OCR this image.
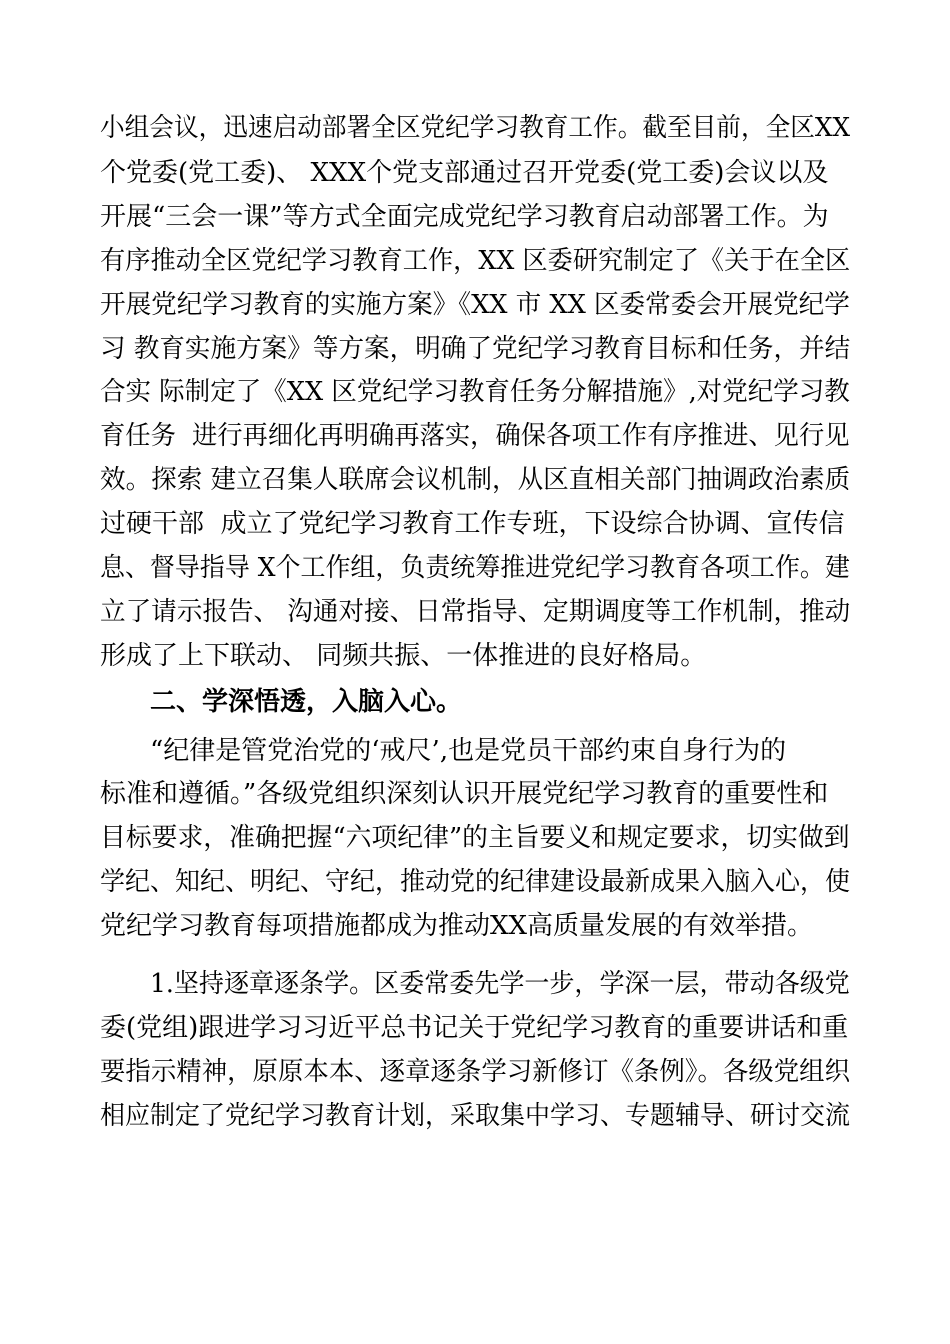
小组会议，迅速启动部署全区党纪学习教育工作。截至目前，全区XX
个党委(党工委)、 XXX个党支部通过召开党委(党工委)会议以及
开展“三会一课”等方式全面完成党纪学习教育启动部署工作。为
有序推动全区党纪学习教育工作，XX 区委研究制定了《关于在全区
开展党纪学习教育的实施方案》《XX 市 XX 区委常委会开展党纪学
习 教育实施方案》等方案，明确了党纪学习教育目标和任务，并结
合实 际制定了《XX 区党纪学习教育任务分解措施》,对党纪学习教
育任务  进行再细化再明确再落实，确保各项工作有序推进、见行见
效。探索 建立召集人联席会议机制，从区直相关部门抽调政治素质
过硬干部  成立了党纪学习教育工作专班，下设综合协调、宣传信
息、督导指导 X个工作组，负责统筹推进党纪学习教育各项工作。建
立了请示报告、 沟通对接、日常指导、定期调度等工作机制，推动
形成了上下联动、 同频共振、一体推进的良好格局。
二、学深悟透，入脑入心。
“纪律是管党治党的‘戒尺’,也是党员干部约束自身行为的
标准和遵循。”各级党组织深刻认识开展党纪学习教育的重要性和
目标要求，准确把握“六项纪律”的主旨要义和规定要求，切实做到
学纪、知纪、明纪、守纪，推动党的纪律建设最新成果入脑入心，使
党纪学习教育每项措施都成为推动XX高质量发展的有效举措。
1.坚持逐章逐条学。区委常委先学一步，学深一层，带动各级党
委(党组)跟进学习习近平总书记关于党纪学习教育的重要讲话和重
要指示精神，原原本本、逐章逐条学习新修订《条例》。各级党组织
相应制定了党纪学习教育计划，采取集中学习、专题辅导、研讨交流
